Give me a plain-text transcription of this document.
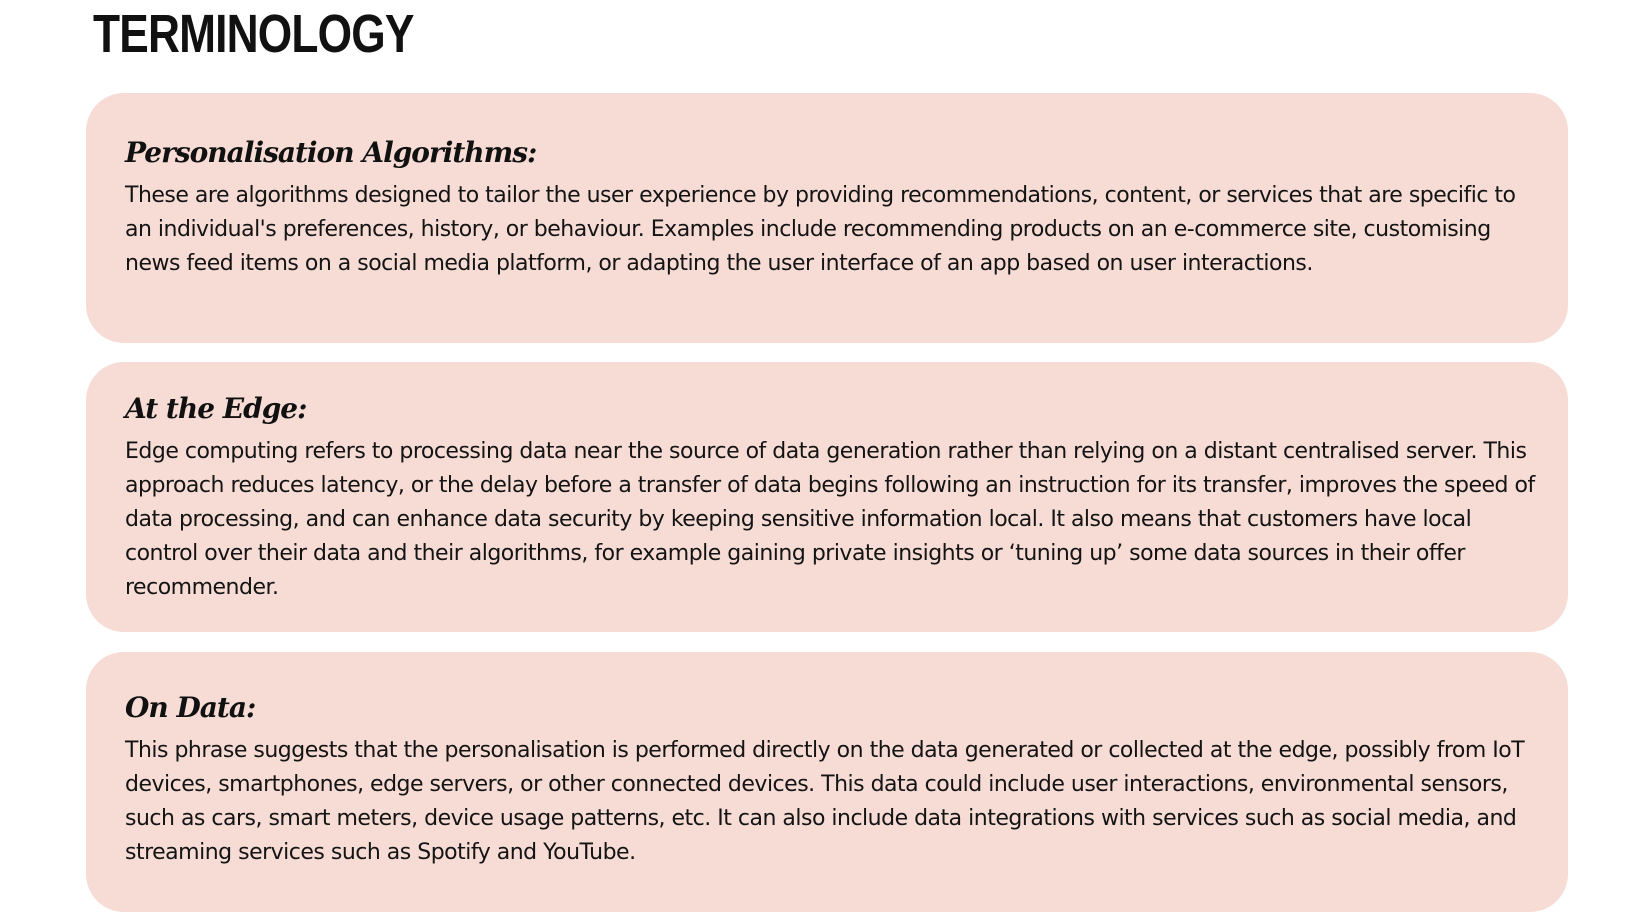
TERMINOLOGY
Personalisation Algorithms:

These are algorithms designed to tailor the user experience by providing recommendations, content, or services that are specific to an individual's preferences, history, or behaviour. Examples include recommending products on an e-commerce site, customising news feed items on a social media platform, or adapting the user interface of an app based on user interactions.

At the Edge:

Edge computing refers to processing data near the source of data generation rather than relying on a distant centralised server. This approach reduces latency, or the delay before a transfer of data begins following an instruction for its transfer, improves the speed of data processing, and can enhance data security by keeping sensitive information local. It also means that customers have local control over their data and their algorithms, for example gaining private insights or ‘tuning up’ some data sources in their offer recommender.

On Data:

This phrase suggests that the personalisation is performed directly on the data generated or collected at the edge, possibly from IoT devices, smartphones, edge servers, or other connected devices. This data could include user interactions, environmental sensors, such as cars, smart meters, device usage patterns, etc. It can also include data integrations with services such as social media, and streaming services such as Spotify and YouTube.
